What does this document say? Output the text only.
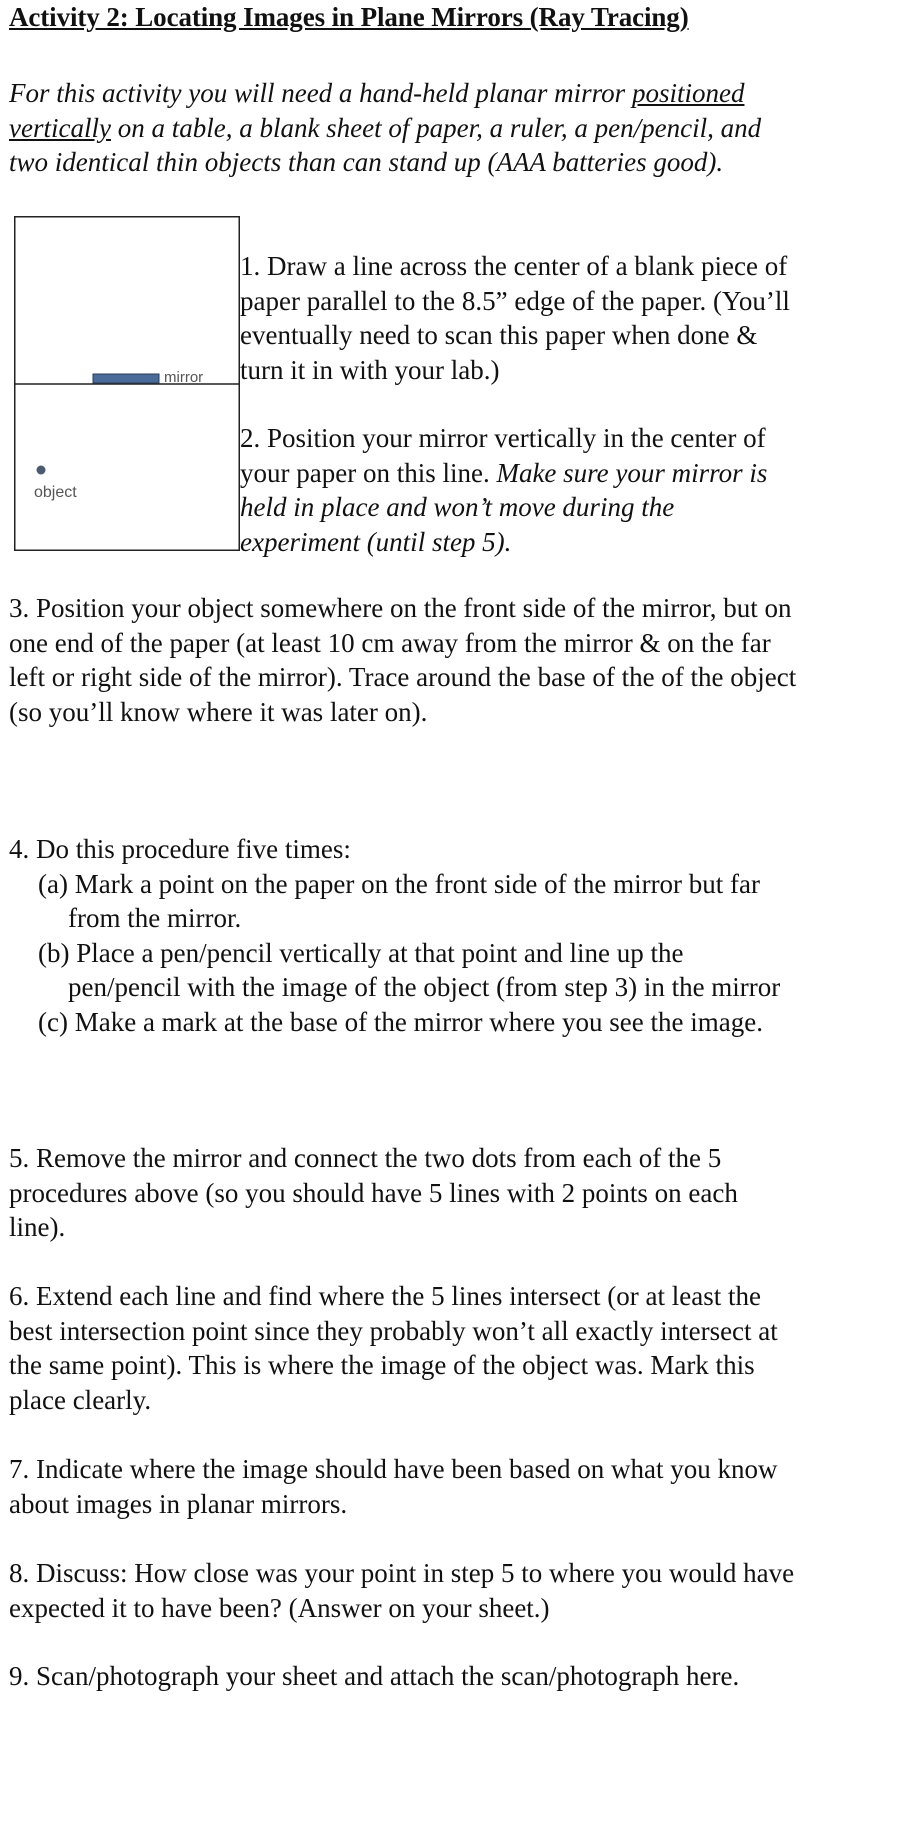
Activity 2: Locating Images in Plane Mirrors (Ray Tracing)
For this activity you will need a hand-held planar mirror positioned vertically on a table, a blank sheet of paper, a ruler, a pen/pencil, and two identical thin objects than can stand up (AAA batteries good).
mirror
object
1. Draw a line across the center of a blank piece of paper parallel to the 8.5” edge of the paper. (You’ll eventually need to scan this paper when done & turn it in with your lab.)
2. Position your mirror vertically in the center of your paper on this line. Make sure your mirror is held in place and won’t move during the experiment (until step 5).
3. Position your object somewhere on the front side of the mirror, but on one end of the paper (at least 10 cm away from the mirror & on the far left or right side of the mirror). Trace around the base of the of the object (so you’ll know where it was later on).
4. Do this procedure five times:
(a) Mark a point on the paper on the front side of the mirror but far from the mirror.
(b) Place a pen/pencil vertically at that point and line up the pen/pencil with the image of the object (from step 3) in the mirror
(c) Make a mark at the base of the mirror where you see the image.
5. Remove the mirror and connect the two dots from each of the 5 procedures above (so you should have 5 lines with 2 points on each line).
6. Extend each line and find where the 5 lines intersect (or at least the best intersection point since they probably won’t all exactly intersect at the same point). This is where the image of the object was. Mark this place clearly.
7. Indicate where the image should have been based on what you know about images in planar mirrors.
8. Discuss: How close was your point in step 5 to where you would have expected it to have been? (Answer on your sheet.)
9. Scan/photograph your sheet and attach the scan/photograph here.
